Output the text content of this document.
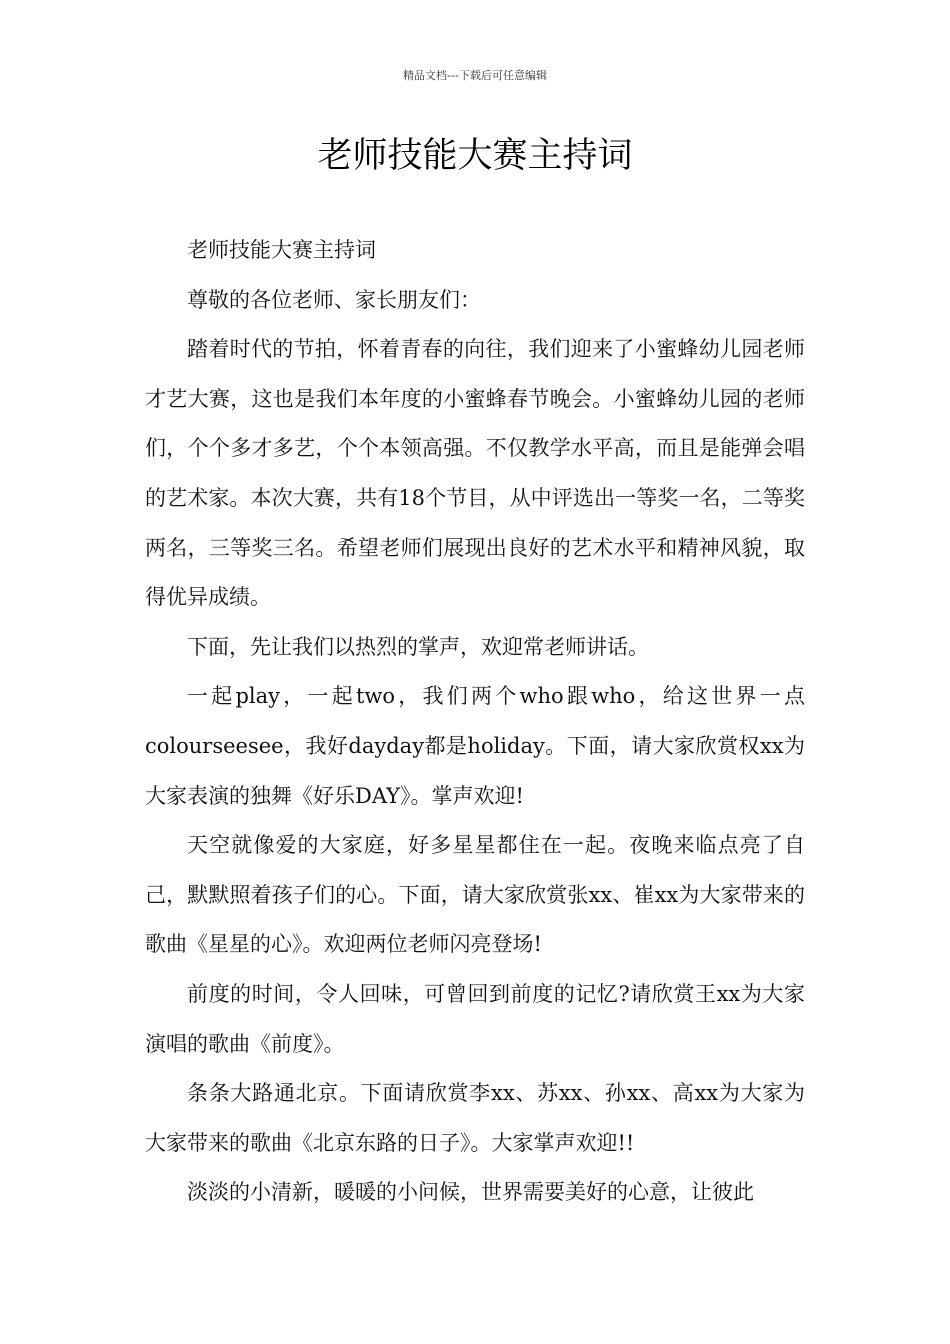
精品文档---下载后可任意编辑
老师技能大赛主持词

老师技能大赛主持词

尊敬的各位老师、家长朋友们：

踏着时代的节拍，怀着青春的向往，我们迎来了小蜜蜂幼儿园老师才艺大赛，这也是我们本年度的小蜜蜂春节晚会。小蜜蜂幼儿园的老师们，个个多才多艺，个个本领高强。不仅教学水平高，而且是能弹会唱的艺术家。本次大赛，共有18个节目，从中评选出一等奖一名，二等奖两名，三等奖三名。希望老师们展现出良好的艺术水平和精神风貌，取得优异成绩。

下面，先让我们以热烈的掌声，欢迎常老师讲话。

一起play，一起two，我们两个who跟who，给这世界一点colourseesee，我好dayday都是holiday。下面，请大家欣赏权xx为大家表演的独舞《好乐DAY》。掌声欢迎!

天空就像爱的大家庭，好多星星都住在一起。夜晚来临点亮了自己，默默照着孩子们的心。下面，请大家欣赏张xx、崔xx为大家带来的歌曲《星星的心》。欢迎两位老师闪亮登场!

前度的时间，令人回味，可曾回到前度的记忆?请欣赏王xx为大家演唱的歌曲《前度》。

条条大路通北京。下面请欣赏李xx、苏xx、孙xx、高xx为大家为大家带来的歌曲《北京东路的日子》。大家掌声欢迎!!

淡淡的小清新，暖暖的小问候，世界需要美好的心意，让彼此
